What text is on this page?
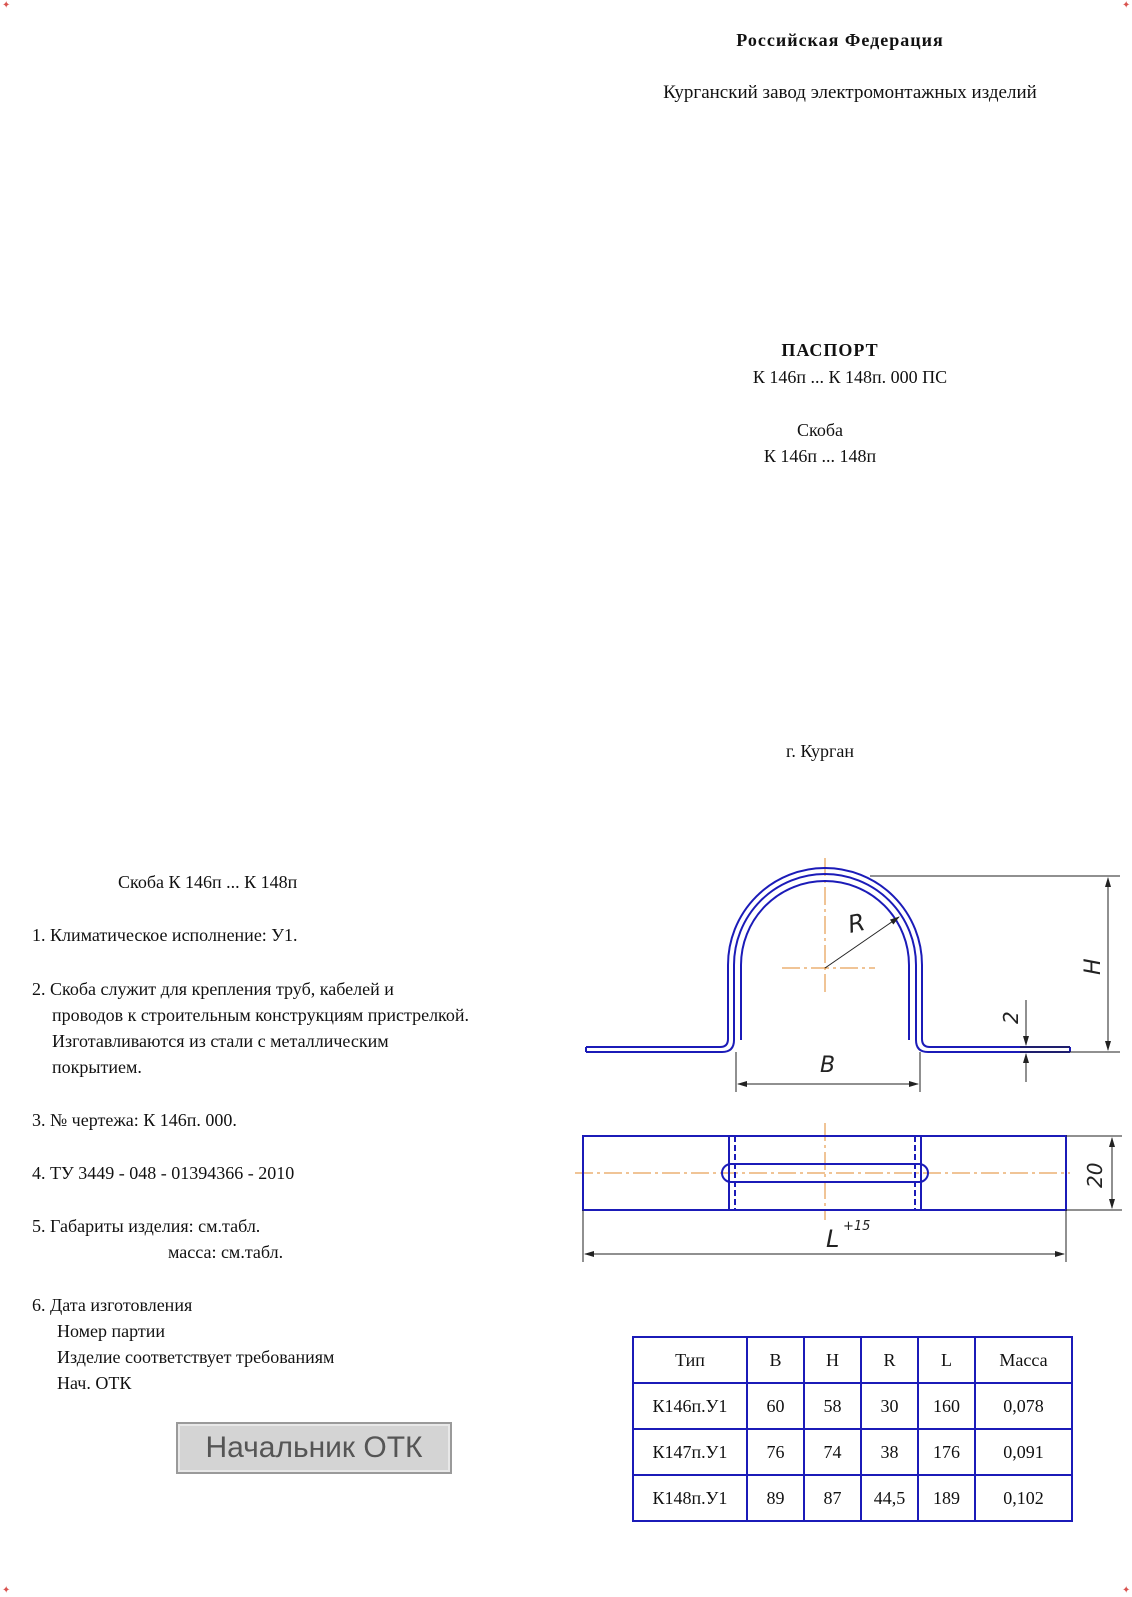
✦	✦
✦	✦
Российская Федерация
Курганский завод электромонтажных изделий
ПАСПОРТ
К 146п ... К 148п. 000 ПС
Скоба
К 146п ... 148п
г. Курган
Скоба К 146п ... К 148п
1. Климатическое исполнение: У1.
2. Скоба служит для крепления труб, кабелей и
проводов к строительным конструкциям пристрелкой.
Изготавливаются из стали с металлическим
покрытием.
3. № чертежа: К 146п. 000.
4. ТУ 3449 - 048 - 01394366 - 2010
5. Габариты изделия: см.табл.
масса: см.табл.
6. Дата изготовления
Номер партии
Изделие соответствует требованиям
Нач. ОТК
Начальник ОТК
R
H
2
B
20
L +15
Тип	B	H	R	L	Масса
К146п.У1	60	58	30	160	0,078
К147п.У1	76	74	38	176	0,091
К148п.У1	89	87	44,5	189	0,102
